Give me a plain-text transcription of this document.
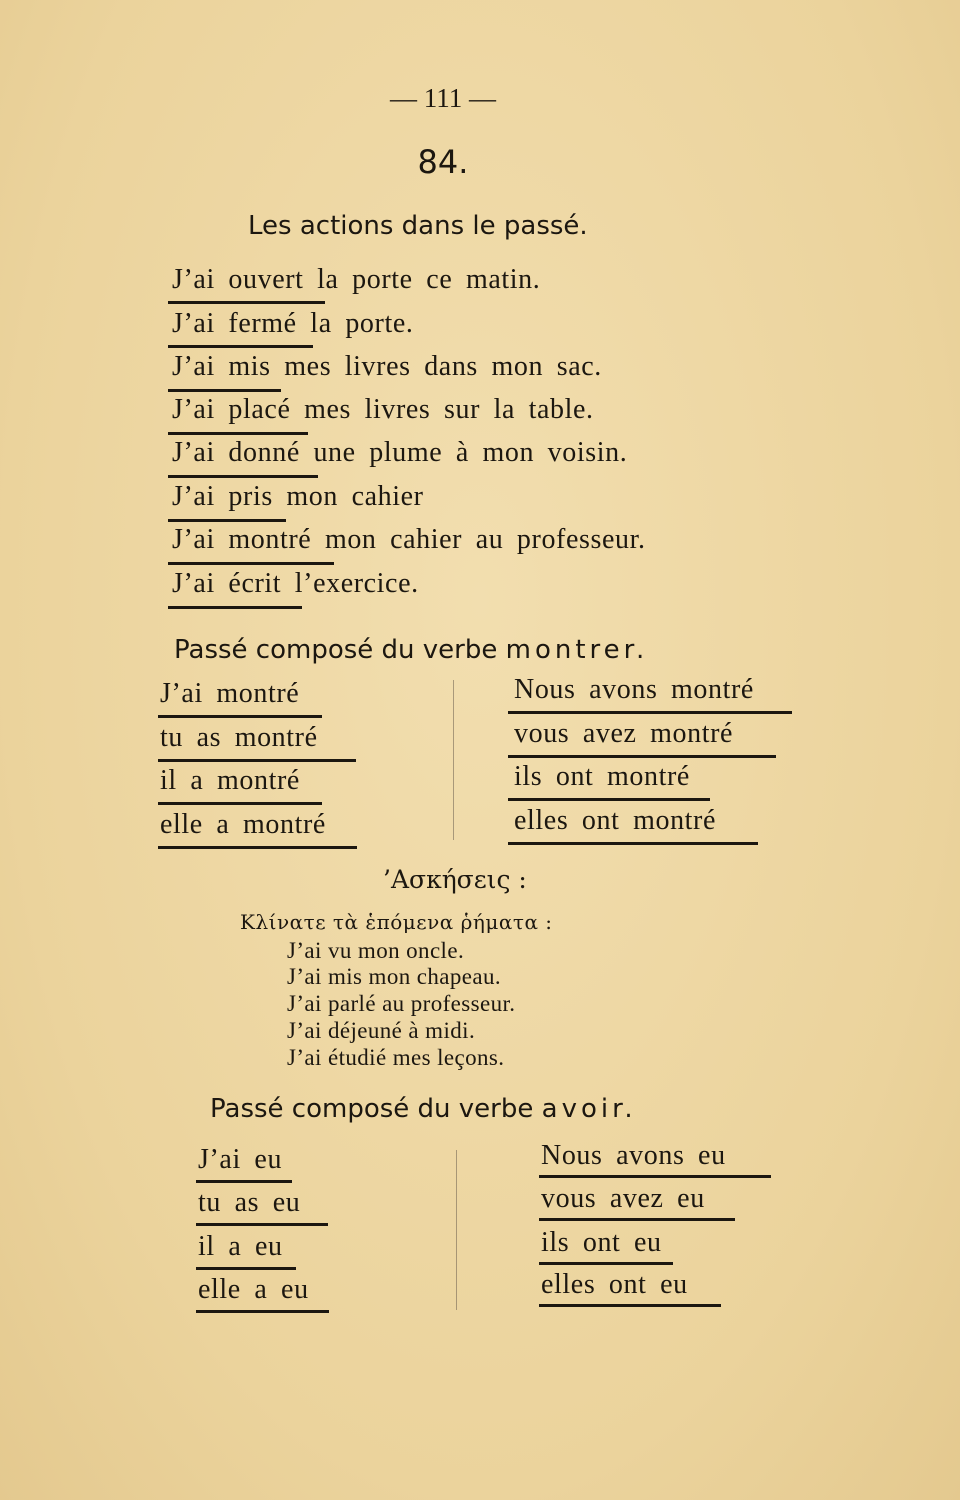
— 111 —
84.
Les actions dans le passé.
J’ai ouvert la porte ce matin.
J’ai fermé la porte.
J’ai mis mes livres dans mon sac.
J’ai placé mes livres sur la table.
J’ai donné une plume à mon voisin.
J’ai pris mon cahier
J’ai montré mon cahier au professeur.
J’ai écrit l’exercice.
Passé composé du verbe montrer.
J’ai montré
tu as montré
il a montré
elle a montré
Nous avons montré
vous avez montré
ils ont montré
elles ont montré
’Ασκήσεις :
Κλίνατε τὰ ἑπόμενα ῥήματα :
J’ai vu mon oncle.
J’ai mis mon chapeau.
J’ai parlé au professeur.
J’ai déjeuné à midi.
J’ai étudié mes leçons.
Passé composé du verbe avoir.
J’ai eu
tu as eu
il a eu
elle a eu
Nous avons eu
vous avez eu
ils ont eu
elles ont eu
